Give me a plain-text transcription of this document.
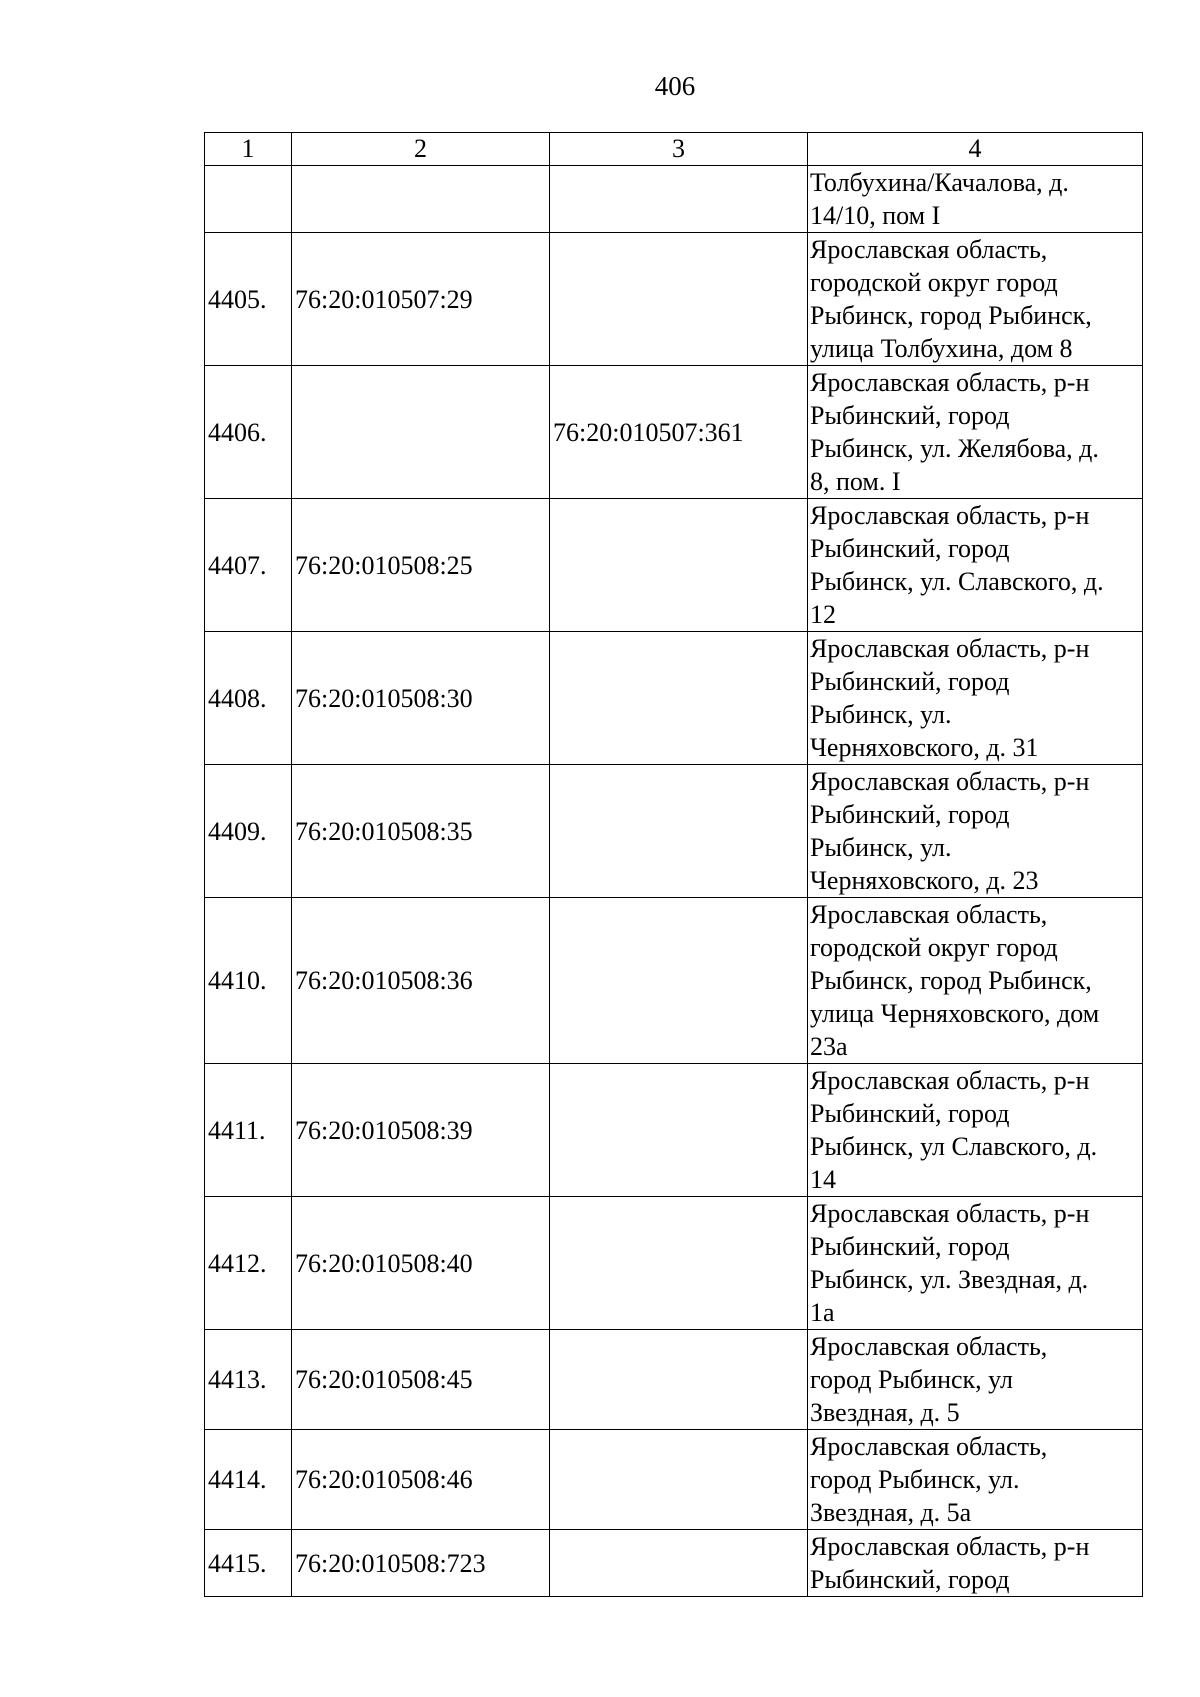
406
1	2	3	4
			Толбухина/Качалова, д.
14/10, пом I
4405.	76:20:010507:29		Ярославская область,
городской округ город
Рыбинск, город Рыбинск,
улица Толбухина, дом 8
4406.		76:20:010507:361	Ярославская область, р-н
Рыбинский, город
Рыбинск, ул. Желябова, д.
8, пом. I
4407.	76:20:010508:25		Ярославская область, р-н
Рыбинский, город
Рыбинск, ул. Славского, д.
12
4408.	76:20:010508:30		Ярославская область, р-н
Рыбинский, город
Рыбинск, ул.
Черняховского, д. 31
4409.	76:20:010508:35		Ярославская область, р-н
Рыбинский, город
Рыбинск, ул.
Черняховского, д. 23
4410.	76:20:010508:36		Ярославская область,
городской округ город
Рыбинск, город Рыбинск,
улица Черняховского, дом
23а
4411.	76:20:010508:39		Ярославская область, р-н
Рыбинский, город
Рыбинск, ул Славского, д.
14
4412.	76:20:010508:40		Ярославская область, р-н
Рыбинский, город
Рыбинск, ул. Звездная, д.
1а
4413.	76:20:010508:45		Ярославская область,
город Рыбинск, ул
Звездная, д. 5
4414.	76:20:010508:46		Ярославская область,
город Рыбинск, ул.
Звездная, д. 5а
4415.	76:20:010508:723		Ярославская область, р-н
Рыбинский, город
